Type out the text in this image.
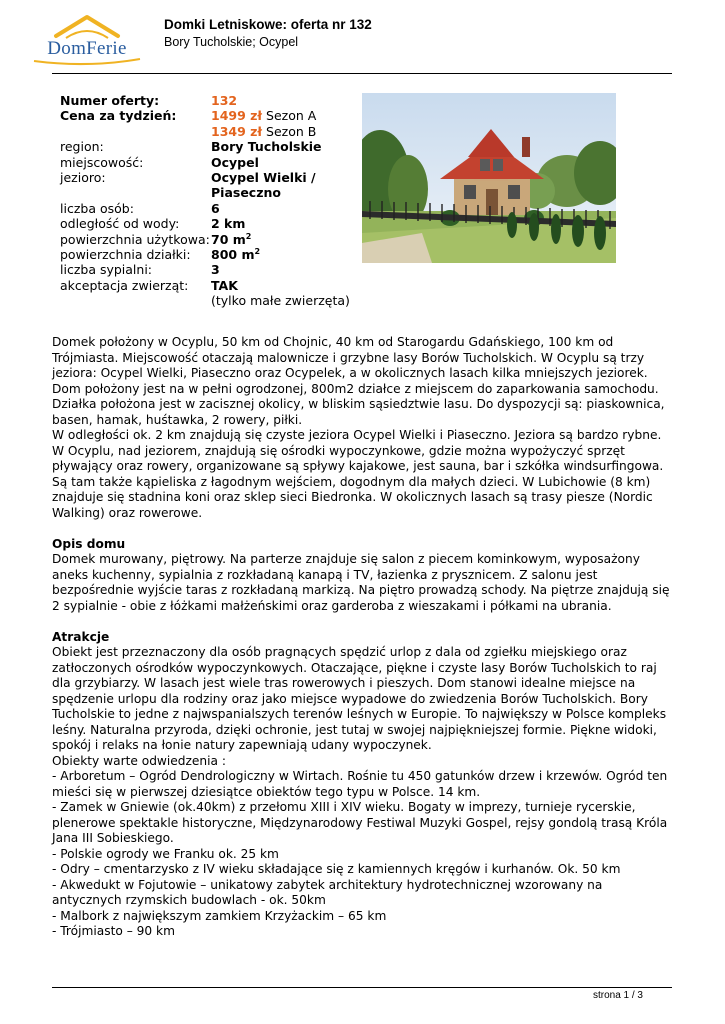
DomFerie
Domki Letniskowe: oferta nr 132
Bory Tucholskie; Ocypel
Numer oferty:	132
Cena za tydzień:	1499 zł Sezon A
1349 zł Sezon B
region:	Bory Tucholskie
miejscowość:	Ocypel
jezioro:	Ocypel Wielki /
Piaseczno
liczba osób:	6
odległość od wody:	2 km
powierzchnia użytkowa: 70 $m^2$
powierzchnia działki:	800 $m^2$
liczba sypialni:	3
akceptacja zwierząt:	TAK
(tylko małe zwierzęta)

Domek położony w Ocyplu, 50 km od Chojnic, 40 km od Starogardu Gdańskiego, 100 km od Trójmiasta. Miejscowość otaczają malownicze i grzybne lasy Borów Tucholskich. W Ocyplu są trzy jeziora: Ocypel Wielki, Piaseczno oraz Ocypelek, a w okolicznych lasach kilka mniejszych jeziorek. Dom położony jest na w pełni ogrodzonej, 800m2 działce z miejscem do zaparkowania samochodu. Działka położona jest w zacisznej okolicy, w bliskim sąsiedztwie lasu. Do dyspozycji są: piaskownica, basen, hamak, huśtawka, 2 rowery, piłki.

W odległości ok. 2 km znajdują się czyste jeziora Ocypel Wielki i Piaseczno. Jeziora są bardzo rybne. W Ocyplu, nad jeziorem, znajdują się ośrodki wypoczynkowe, gdzie można wypożyczyć sprzęt pływający oraz rowery, organizowane są spływy kajakowe, jest sauna, bar i szkółka windsurfingowa. Są tam także kąpieliska z łagodnym wejściem, dogodnym dla małych dzieci. W Lubichowie (8 km) znajduje się stadnina koni oraz sklep sieci Biedronka. W okolicznych lasach są trasy piesze (Nordic Walking) oraz rowerowe.

Opis domu

Domek murowany, piętrowy. Na parterze znajduje się salon z piecem kominkowym, wyposażony aneks kuchenny, sypialnia z rozkładaną kanapą i TV, łazienka z prysznicem. Z salonu jest bezpośrednie wyjście taras z rozkładaną markizą. Na piętro prowadzą schody. Na piętrze znajdują się 2 sypialnie - obie z łóżkami małżeńskimi oraz garderoba z wieszakami i półkami na ubrania.

Atrakcje

Obiekt jest przeznaczony dla osób pragnących spędzić urlop z dala od zgiełku miejskiego oraz zatłoczonych ośrodków wypoczynkowych. Otaczające, piękne i czyste lasy Borów Tucholskich to raj dla grzybiarzy. W lasach jest wiele tras rowerowych i pieszych. Dom stanowi idealne miejsce na spędzenie urlopu dla rodziny oraz jako miejsce wypadowe do zwiedzenia Borów Tucholskich. Bory Tucholskie to jedne z najwspanialszych terenów leśnych w Europie. To największy w Polsce kompleks leśny. Naturalna przyroda, dzięki ochronie, jest tutaj w swojej najpiękniejszej formie. Piękne widoki, spokój i relaks na łonie natury zapewniają udany wypoczynek.

Obiekty warte odwiedzenia :

- Arboretum – Ogród Dendrologiczny w Wirtach. Rośnie tu 450 gatunków drzew i krzewów. Ogród ten mieści się w pierwszej dziesiątce obiektów tego typu w Polsce. 14 km.

- Zamek w Gniewie (ok.40km) z przełomu XIII i XIV wieku. Bogaty w imprezy, turnieje rycerskie, plenerowe spektakle historyczne, Międzynarodowy Festiwal Muzyki Gospel, rejsy gondolą trasą Króla Jana III Sobieskiego.

- Polskie ogrody we Franku ok. 25 km

- Odry – cmentarzysko z IV wieku składające się z kamiennych kręgów i kurhanów. Ok. 50 km

- Akwedukt w Fojutowie – unikatowy zabytek architektury hydrotechnicznej wzorowany na antycznych rzymskich budowlach - ok. 50km

- Malbork z największym zamkiem Krzyżackim – 65 km

- Trójmiasto – 90 km

strona 1 / 3
